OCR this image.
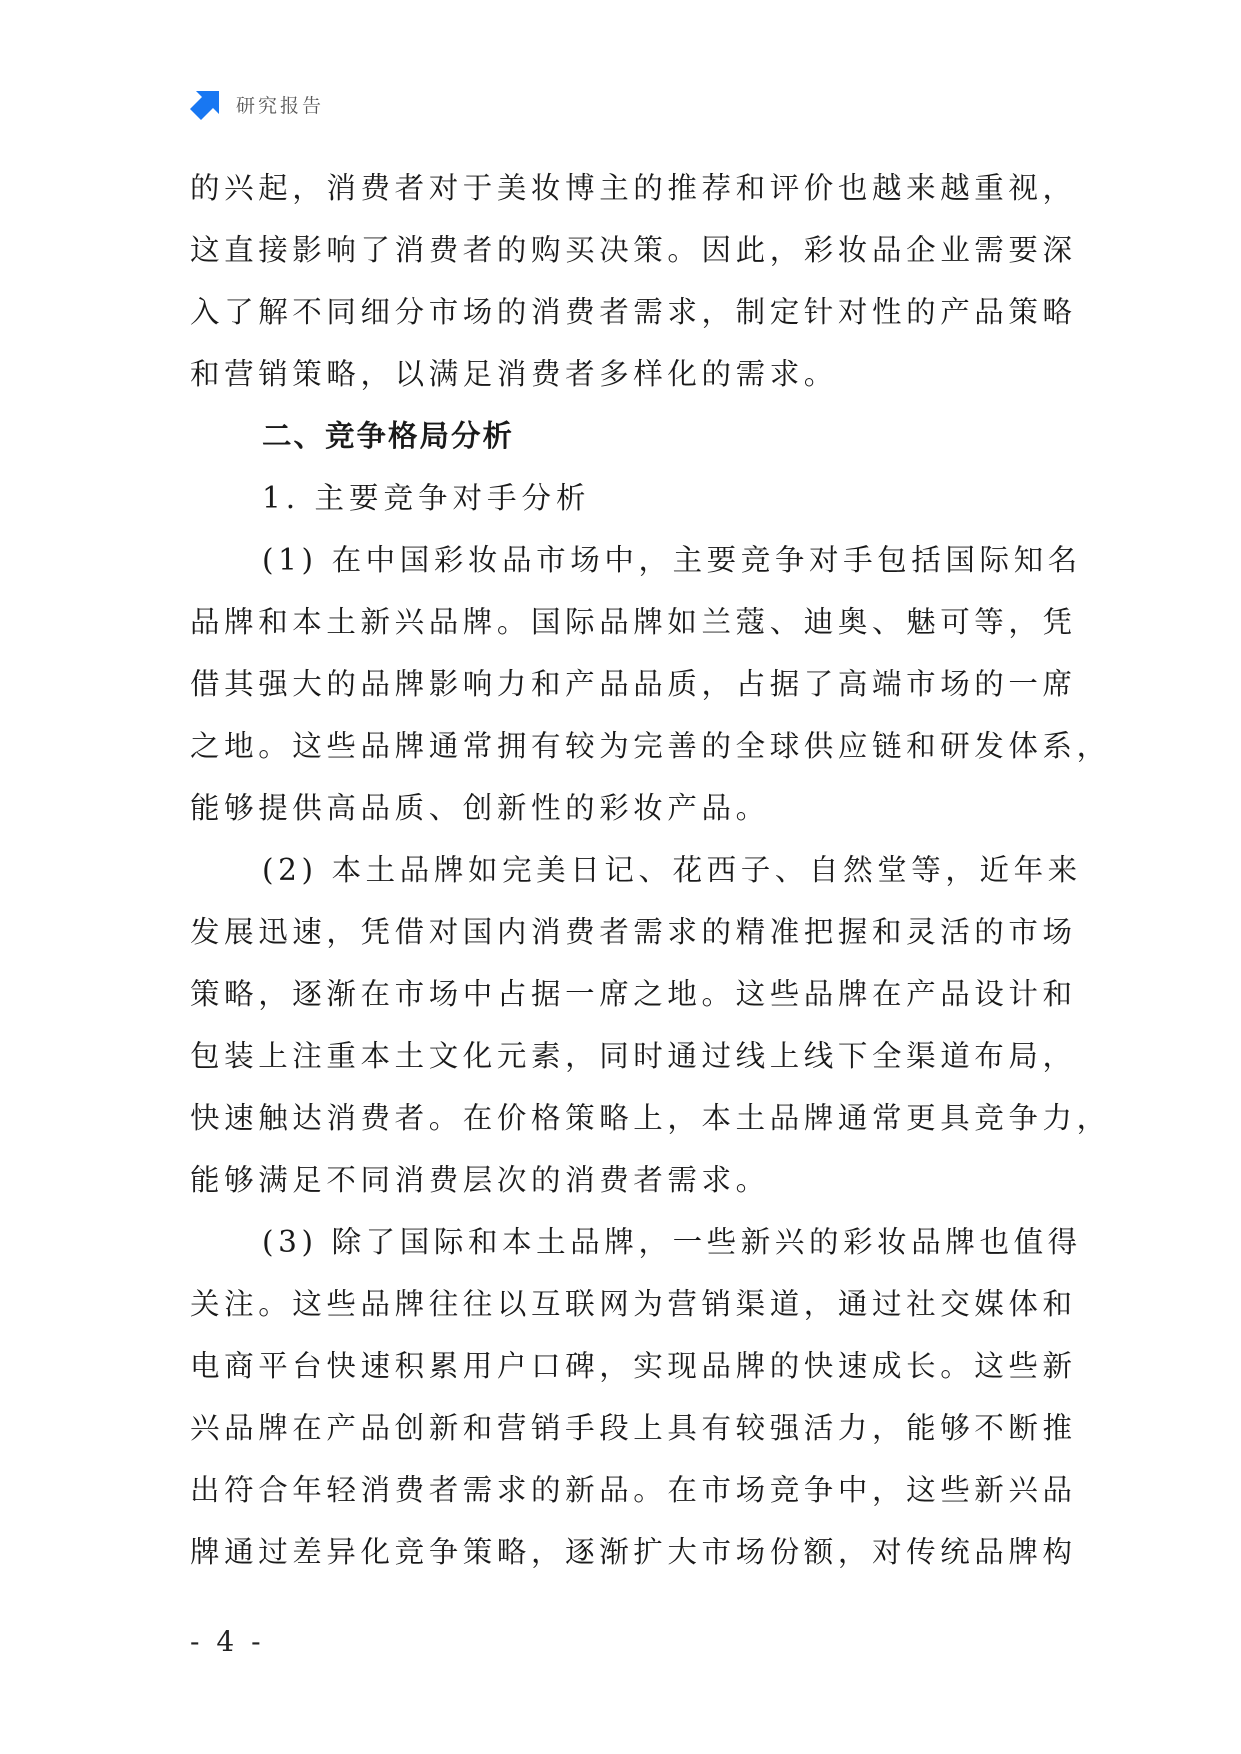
研究报告
的兴起，消费者对于美妆博主的推荐和评价也越来越重视，
这直接影响了消费者的购买决策。因此，彩妆品企业需要深
入了解不同细分市场的消费者需求，制定针对性的产品策略
和营销策略，以满足消费者多样化的需求。
二、竞争格局分析
1. 主要竞争对手分析
(1) 在中国彩妆品市场中，主要竞争对手包括国际知名
品牌和本土新兴品牌。国际品牌如兰蔻、迪奥、魅可等，凭
借其强大的品牌影响力和产品品质，占据了高端市场的一席
之地。这些品牌通常拥有较为完善的全球供应链和研发体系，
能够提供高品质、创新性的彩妆产品。
(2) 本土品牌如完美日记、花西子、自然堂等，近年来
发展迅速，凭借对国内消费者需求的精准把握和灵活的市场
策略，逐渐在市场中占据一席之地。这些品牌在产品设计和
包装上注重本土文化元素，同时通过线上线下全渠道布局，
快速触达消费者。在价格策略上，本土品牌通常更具竞争力，
能够满足不同消费层次的消费者需求。
(3) 除了国际和本土品牌，一些新兴的彩妆品牌也值得
关注。这些品牌往往以互联网为营销渠道，通过社交媒体和
电商平台快速积累用户口碑，实现品牌的快速成长。这些新
兴品牌在产品创新和营销手段上具有较强活力，能够不断推
出符合年轻消费者需求的新品。在市场竞争中，这些新兴品
牌通过差异化竞争策略，逐渐扩大市场份额，对传统品牌构
- 4 -
